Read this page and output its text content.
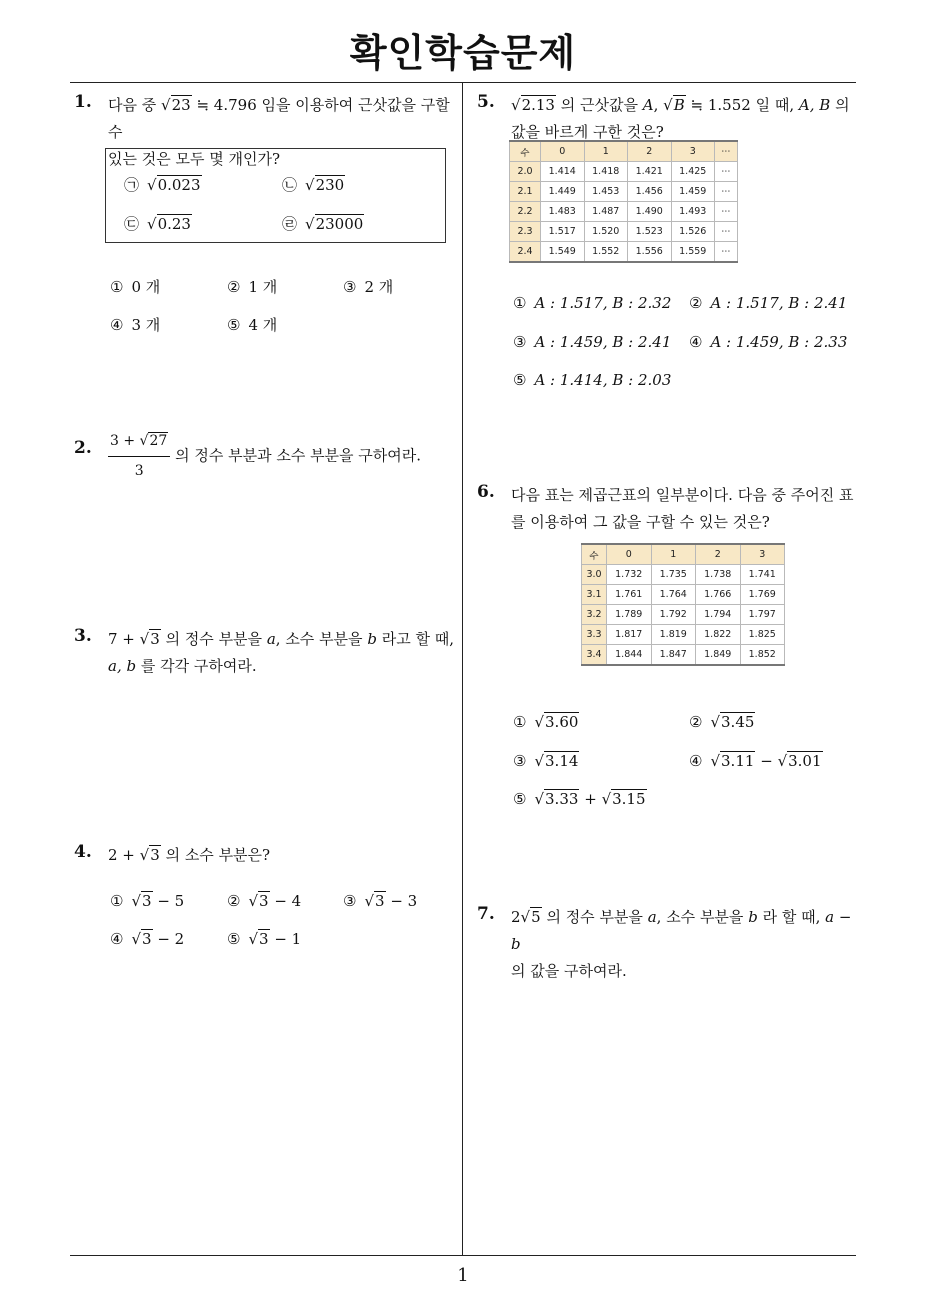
확인학습문제
1
1. 다음 중 √23 ≒ 4.796 임을 이용하여 근삿값을 구할 수
있는 것은 모두 몇 개인가?
㉠ √0.023	㉡ √230
㉢ √0.23	㉣ √23000
① 0 개	② 1 개	③ 2 개
④ 3 개	⑤ 4 개
2. $\frac{3 + √27}{3}$ 의 정수 부분과 소수 부분을 구하여라.
3. 7 + √3 의 정수 부분을 a, 소수 부분을 b 라고 할 때,
a, b 를 각각 구하여라.
4. 2 + √3 의 소수 부분은?
① √3 − 5	② √3 − 4	③ √3 − 3
④ √3 − 2	⑤ √3 − 1
5. √2.13 의 근삿값을 A, √B ≒ 1.552 일 때, A, B 의
값을 바르게 구한 것은?
수	0	1	2	3	⋯
2.0	1.414	1.418	1.421	1.425	⋯
2.1	1.449	1.453	1.456	1.459	⋯
2.2	1.483	1.487	1.490	1.493	⋯
2.3	1.517	1.520	1.523	1.526	⋯
2.4	1.549	1.552	1.556	1.559	⋯
① A : 1.517, B : 2.32 ② A : 1.517, B : 2.41
③ A : 1.459, B : 2.41 ④ A : 1.459, B : 2.33
⑤ A : 1.414, B : 2.03
6. 다음 표는 제곱근표의 일부분이다. 다음 중 주어진 표
를 이용하여 그 값을 구할 수 있는 것은?
수	0	1	2	3
3.0	1.732	1.735	1.738	1.741
3.1	1.761	1.764	1.766	1.769
3.2	1.789	1.792	1.794	1.797
3.3	1.817	1.819	1.822	1.825
3.4	1.844	1.847	1.849	1.852
① √3.60	② √3.45
③ √3.14	④ √3.11 − √3.01
⑤ √3.33 + √3.15
7. 2√5 의 정수 부분을 a, 소수 부분을 b 라 할 때, a − b
의 값을 구하여라.
